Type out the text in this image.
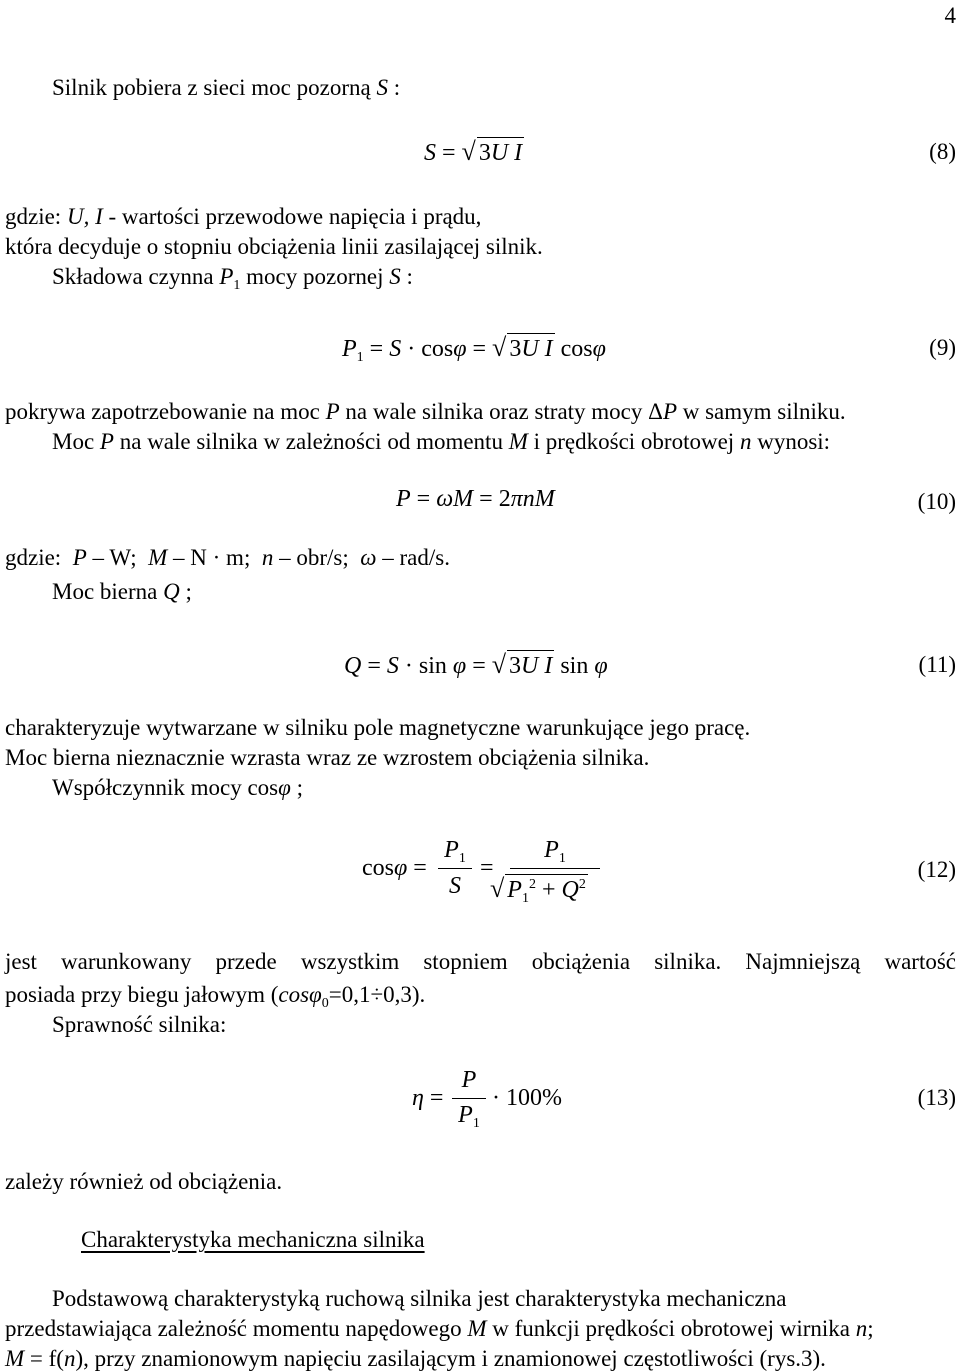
4
Silnik pobiera z sieci moc pozorną S :
S = √ 3U I	(8)
gdzie: U, I - wartości przewodowe napięcia i prądu,
która decyduje o stopniu obciążenia linii zasilającej silnik.
Składowa czynna $P_1$ mocy pozornej S :
$P_1 = S \cdot \cos\varphi$ = √ 3U I cosφ	(9)
pokrywa zapotrzebowanie na moc P na wale silnika oraz straty mocy ΔP w samym silniku.
Moc P na wale silnika w zależności od momentu M i prędkości obrotowej n wynosi:
P = ωM = 2πnM	(10)
gdzie: P – W; M – N · m; n – obr/s; ω – rad/s.
Moc bierna Q ;
Q = S · sin φ = √ 3U I sin φ	(11)
charakteryzuje wytwarzane w silniku pole magnetyczne warunkujące jego pracę.
Moc bierna nieznacznie wzrasta wraz ze wzrostem obciążenia silnika.
Współczynnik mocy cosφ ;
cosφ =
$P_1$
S
=
$P_1$
√ $P_1^2 + Q^2$
(12)
jest warunkowany przede wszystkim stopniem obciążenia silnika. Najmniejszą wartość
posiada przy biegu jałowym (cosφ$_0$=0,1÷0,3).
Sprawność silnika:
η =
P
$P_1$
· 100%	(13)
zależy również od obciążenia.
Charakterystyka mechaniczna silnika
Podstawową charakterystyką ruchową silnika jest charakterystyka mechaniczna
przedstawiająca zależność momentu napędowego M w funkcji prędkości obrotowej wirnika n;
M = f(n), przy znamionowym napięciu zasilającym i znamionowej częstotliwości (rys.3).
